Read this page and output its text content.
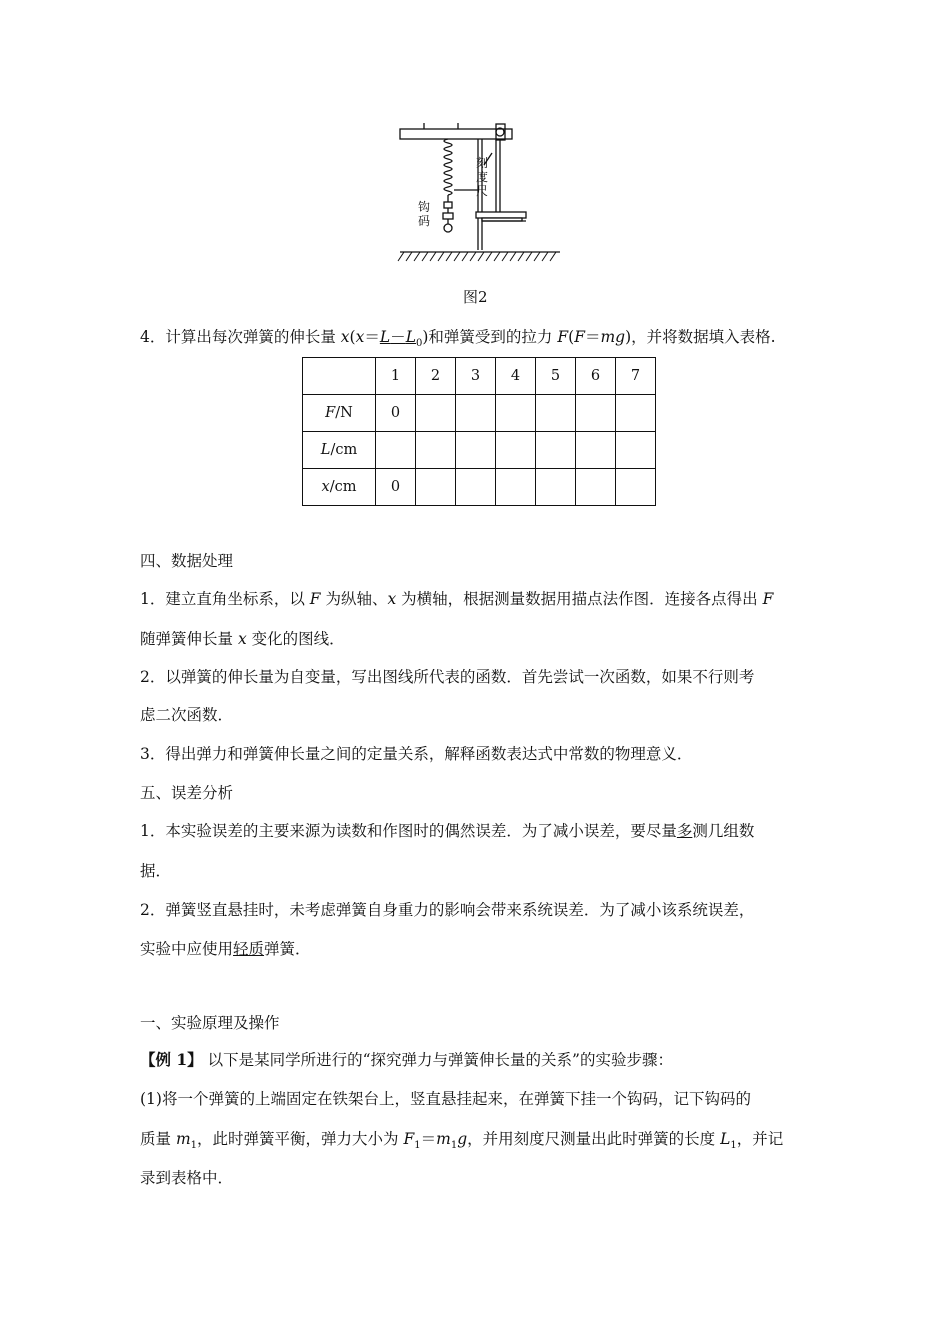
刻度尺
钩码
图2
4．计算出每次弹簧的伸长量 $x(x=L-L_0)$和弹簧受到的拉力 F(F＝mg)，并将数据填入表格.
	1	2	3	4	5	6	7
F/N	0						
L/cm							
x/cm	0						
四、数据处理
1．建立直角坐标系，以 F 为纵轴、x 为横轴，根据测量数据用描点法作图．连接各点得出 F
随弹簧伸长量 x 变化的图线．
2．以弹簧的伸长量为自变量，写出图线所代表的函数．首先尝试一次函数，如果不行则考
虑二次函数．
3．得出弹力和弹簧伸长量之间的定量关系，解释函数表达式中常数的物理意义．
五、误差分析
1．本实验误差的主要来源为读数和作图时的偶然误差．为了减小误差，要尽量多测几组数
据．
2．弹簧竖直悬挂时，未考虑弹簧自身重力的影响会带来系统误差．为了减小该系统误差，
实验中应使用轻质弹簧．
一、实验原理及操作
【例 1】 以下是某同学所进行的“探究弹力与弹簧伸长量的关系”的实验步骤：
(1)将一个弹簧的上端固定在铁架台上，竖直悬挂起来，在弹簧下挂一个钩码，记下钩码的
质量 $m_1$，此时弹簧平衡，弹力大小为 $F_1=m_1g$，并用刻度尺测量出此时弹簧的长度 $L_1$，并记
录到表格中．
